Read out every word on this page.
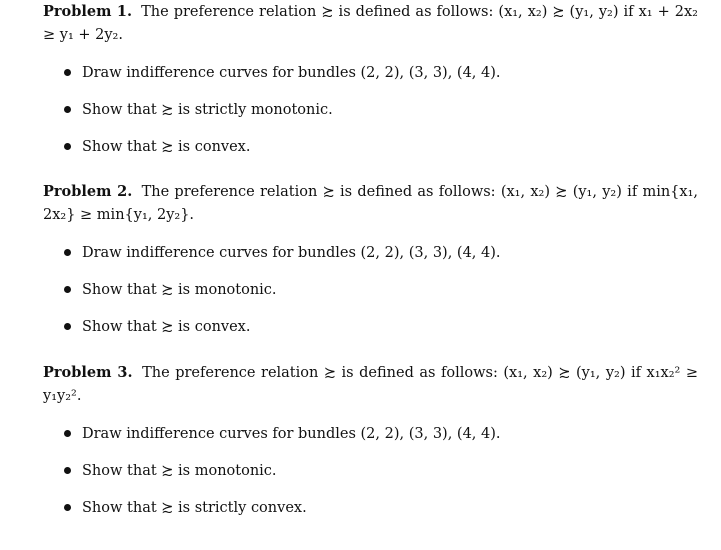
Problem 1. The preference relation ≿ is defined as follows: (x₁, x₂) ≿ (y₁, y₂) if x₁ + 2x₂ ≥ y₁ + 2y₂.

Draw indifference curves for bundles (2, 2), (3, 3), (4, 4).
Show that ≿ is strictly monotonic.
Show that ≿ is convex.

Problem 2. The preference relation ≿ is defined as follows: (x₁, x₂) ≿ (y₁, y₂) if min{x₁, 2x₂} ≥ min{y₁, 2y₂}.

Draw indifference curves for bundles (2, 2), (3, 3), (4, 4).
Show that ≿ is monotonic.
Show that ≿ is convex.

Problem 3. The preference relation ≿ is defined as follows: (x₁, x₂) ≿ (y₁, y₂) if x₁x₂² ≥ y₁y₂².

Draw indifference curves for bundles (2, 2), (3, 3), (4, 4).
Show that ≿ is monotonic.
Show that ≿ is strictly convex.
